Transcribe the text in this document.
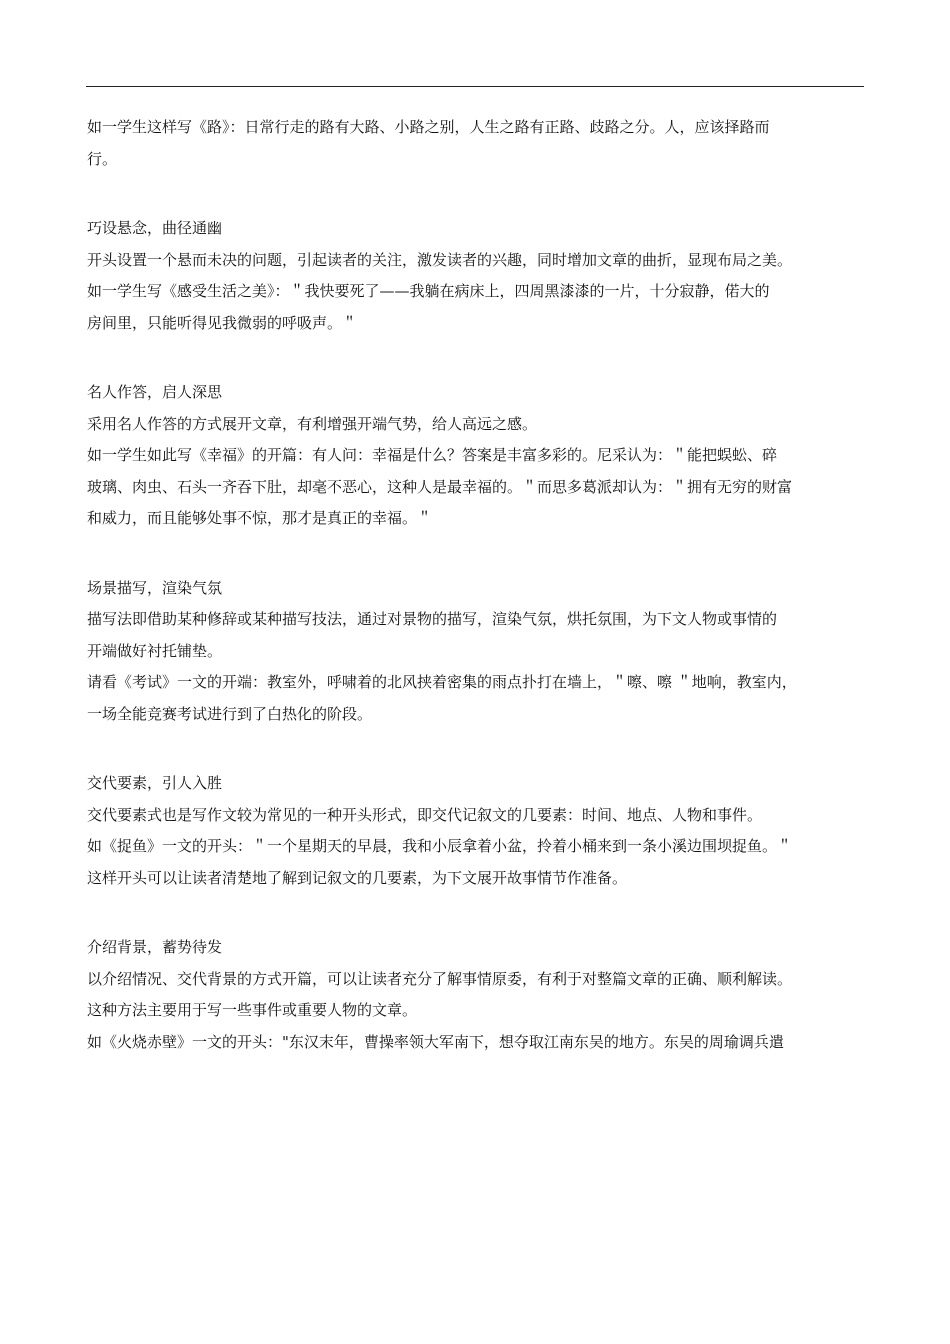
如一学生这样写《路》：日常行走的路有大路、小路之别，人生之路有正路、歧路之分。人，应该择路而

行。

巧设悬念，曲径通幽

开头设置一个悬而未决的问题，引起读者的关注，激发读者的兴趣，同时增加文章的曲折，显现布局之美。

如一学生写《感受生活之美》：＂我快要死了——我躺在病床上，四周黑漆漆的一片，十分寂静，偌大的

房间里，只能听得见我微弱的呼吸声。＂

名人作答，启人深思

采用名人作答的方式展开文章，有利增强开端气势，给人高远之感。

如一学生如此写《幸福》的开篇：有人问：幸福是什么？答案是丰富多彩的。尼采认为：＂能把蜈蚣、碎

玻璃、肉虫、石头一齐吞下肚，却毫不恶心，这种人是最幸福的。＂而思多葛派却认为：＂拥有无穷的财富

和威力，而且能够处事不惊，那才是真正的幸福。＂

场景描写，渲染气氛

描写法即借助某种修辞或某种描写技法，通过对景物的描写，渲染气氛，烘托氛围，为下文人物或事情的

开端做好衬托铺垫。

请看《考试》一文的开端：教室外，呼啸着的北风挟着密集的雨点扑打在墙上，＂嚓、嚓 ＂地响，教室内，

一场全能竞赛考试进行到了白热化的阶段。

交代要素，引人入胜

交代要素式也是写作文较为常见的一种开头形式，即交代记叙文的几要素：时间、地点、人物和事件。

如《捉鱼》一文的开头：＂一个星期天的早晨，我和小辰拿着小盆，拎着小桶来到一条小溪边围坝捉鱼。＂

这样开头可以让读者清楚地了解到记叙文的几要素，为下文展开故事情节作准备。

介绍背景，蓄势待发

以介绍情况、交代背景的方式开篇，可以让读者充分了解事情原委，有利于对整篇文章的正确、顺利解读。

这种方法主要用于写一些事件或重要人物的文章。

如《火烧赤壁》一文的开头："东汉末年，曹操率领大军南下，想夺取江南东吴的地方。东吴的周瑜调兵遣
